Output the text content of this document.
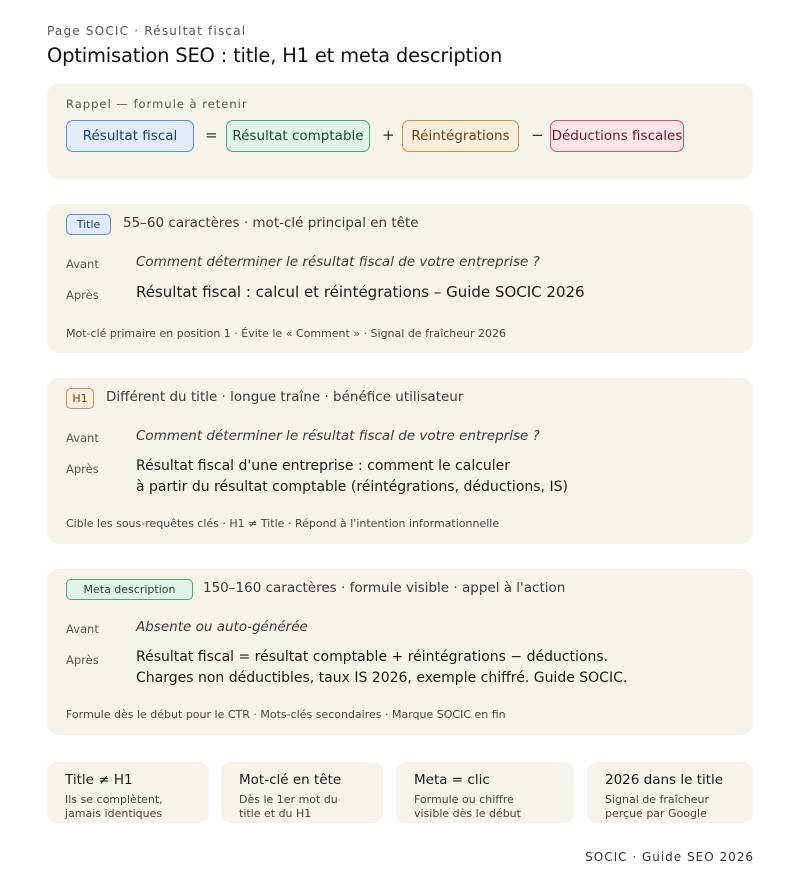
Page SOCIC · Résultat fiscal
Optimisation SEO : title, H1 et meta description
Rappel — formule à retenir
Résultat fiscal	=	Résultat comptable	+	Réintégrations	− Déductions fiscales
Title	55–60 caractères · mot-clé principal en tête
Avant	Comment déterminer le résultat fiscal de votre entreprise ?
Après Résultat fiscal : calcul et réintégrations – Guide SOCIC 2026
Mot-clé primaire en position 1 · Évite le « Comment » · Signal de fraîcheur 2026
H1	Différent du title · longue traîne · bénéfice utilisateur
Avant	Comment déterminer le résultat fiscal de votre entreprise ?
Après	Résultat fiscal d'une entreprise : comment le calculer
à partir du résultat comptable (réintégrations, déductions, IS)
Cible les sous-requêtes clés · H1 ≠ Title · Répond à l'intention informationnelle
Meta description	150–160 caractères · formule visible · appel à l'action
Avant	Absente ou auto-générée
Après	Résultat fiscal = résultat comptable + réintégrations − déductions.
Charges non déductibles, taux IS 2026, exemple chiffré. Guide SOCIC.
Formule dès le début pour le CTR · Mots-clés secondaires · Marque SOCIC en fin
Title ≠ H1
Ils se complètent,
jamais identiques
Mot-clé en tête
Dès le 1er mot du
title et du H1
Meta = clic
Formule ou chiffre
visible dès le début
2026 dans le title
Signal de fraîcheur
perçue par Google
SOCIC · Guide SEO 2026
